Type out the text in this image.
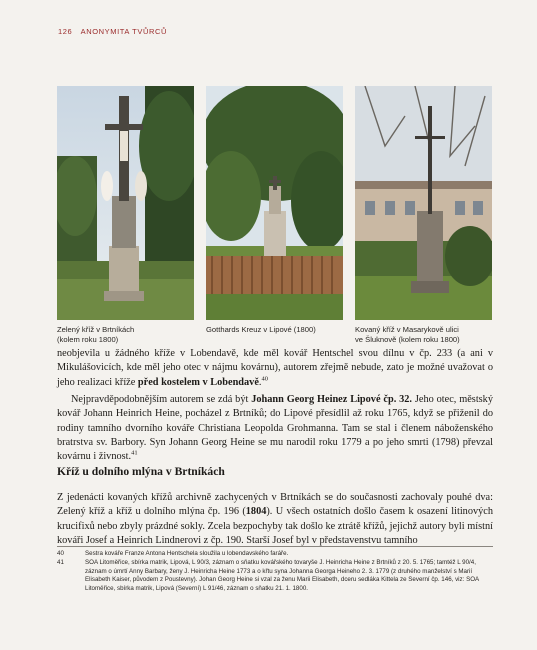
126 ANONYMITA TVŮRCŮ
Zelený kříž v Brtníkách
(kolem roku 1800)
Gotthards Kreuz v Lipové (1800)	Kovaný kříž v Masarykově ulici
ve Šluknově (kolem roku 1800)
neobjevila u žádného kříže v Lobendavě, kde měl kovář Hentschel svou dílnu v čp. 233 (a ani v Mikulášovicích, kde měl jeho otec v nájmu kovárnu), autorem zřejmě nebude, zato je možné uvažovat o jeho realizaci kříže před kostelem v Lobendavě.$^{40}$
Nejpravděpodobnějším autorem se zdá být Johann Georg Heinez Lipové čp. 32. Jeho otec, městský kovář Johann Heinrich Heine, pocházel z Brtníků; do Lipové přesídlil až roku 1765, když se přiženil do rodiny tamního dvorního kováře Christiana Leopolda Grohmanna. Tam se stal i členem náboženského bratrstva sv. Barbory. Syn Johann Georg Heine se mu narodil roku 1779 a po jeho smrti (1798) převzal kovárnu i živnost.$^{41}$
Kříž u dolního mlýna v Brtníkách
Z jedenácti kovaných křížů archivně zachycených v Brtníkách se do současnosti zachovaly pouhé dva: Zelený kříž a kříž u dolního mlýna čp. 196 (1804). U všech ostatních došlo časem k osazení litinových krucifixů nebo zbyly prázdné sokly. Zcela bezpochyby tak došlo ke ztrátě křížů, jejichž autory byli místní kováři Josef a Heinrich Lindnerovi z čp. 190. Starší Josef byl v představenstvu tamního
40	Sestra kováře Franze Antona Hentschela sloužila u lobendavského faráře.
41	SOA Litoměřice, sbírka matrik, Lipová, L 90/3, záznam o sňatku kovářského tovaryše J. Heinricha Heine z Brtníků z 20. 5. 1765; tamtéž L 90/4, záznam o úmrtí Anny Barbary, ženy J. Heinricha Heine 1773 a o křtu syna Johanna Georga Heineho 2. 3. 1779 (z druhého manželství s Marií Elisabeth Kaiser, původem z Poustevny). Johan Georg Heine si vzal za ženu Marii Elisabeth, dceru sedláka Kittela ze Severní čp. 146, viz: SOA Litoměřice, sbírka matrik, Lipová (Severní) L 91/46, záznam o sňatku 21. 1. 1800.
